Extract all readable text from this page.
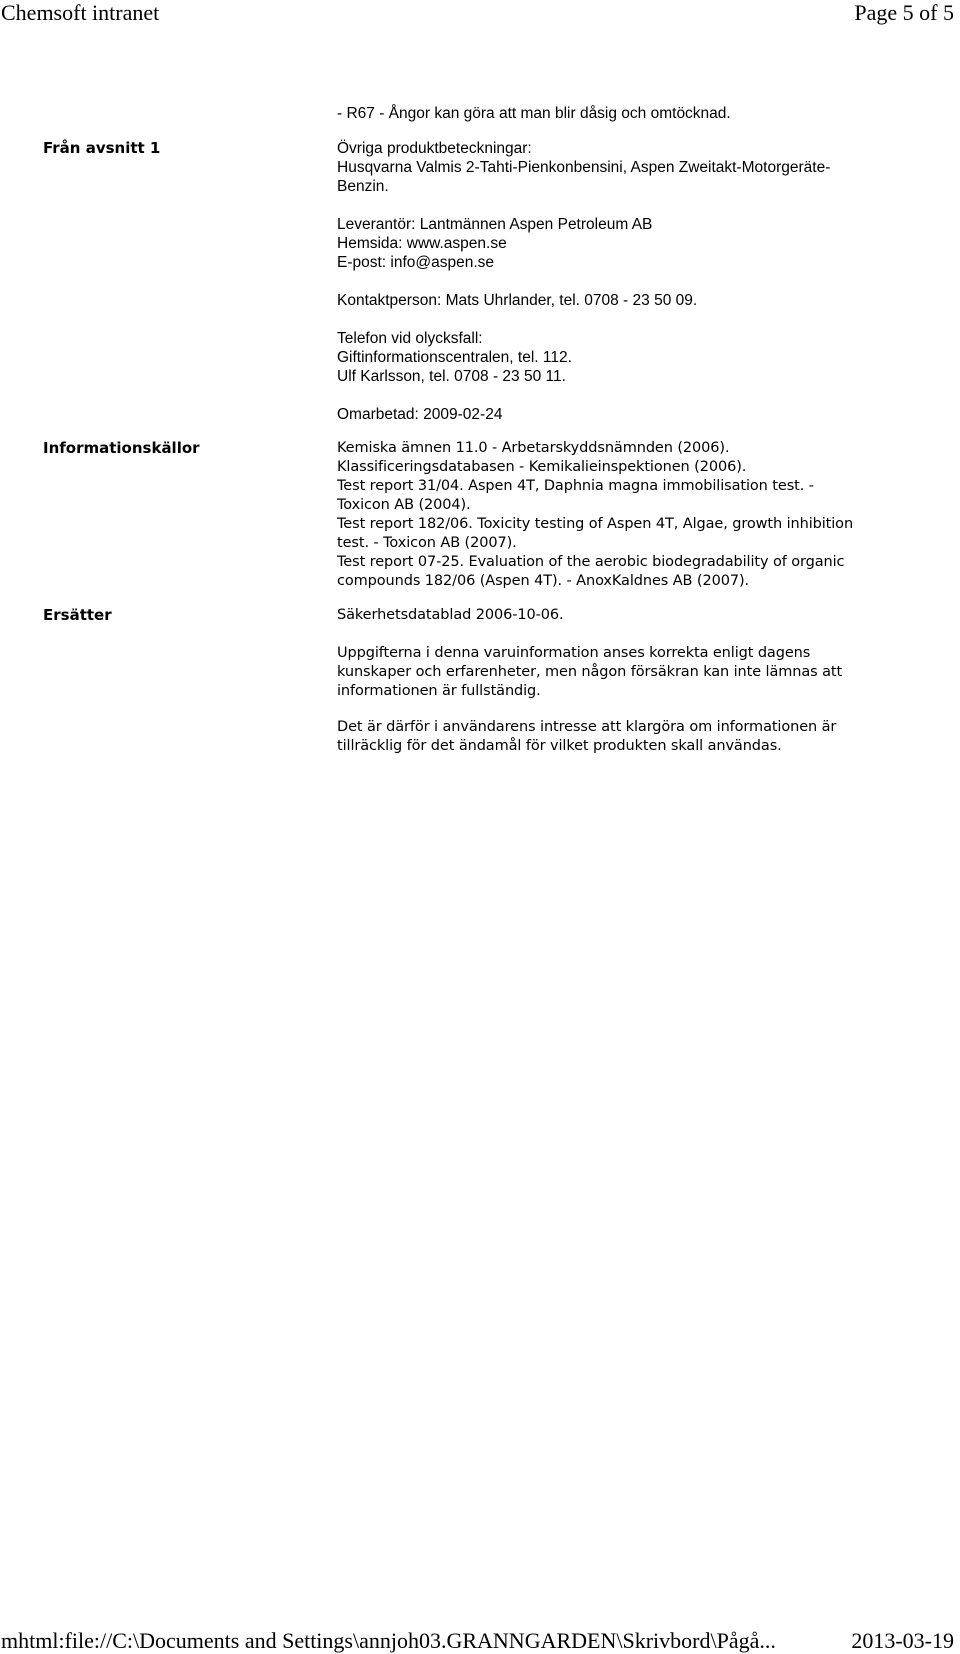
Chemsoft intranet	Page 5 of 5
- R67 - Ångor kan göra att man blir dåsig och omtöcknad.
Från avsnitt 1	Övriga produktbeteckningar:
Husqvarna Valmis 2-Tahti-Pienkonbensini, Aspen Zweitakt-Motorgeräte-
Benzin.
Leverantör: Lantmännen Aspen Petroleum AB
Hemsida: www.aspen.se
E-post: info@aspen.se
Kontaktperson: Mats Uhrlander, tel. 0708 - 23 50 09.
Telefon vid olycksfall:
Giftinformationscentralen, tel. 112.
Ulf Karlsson, tel. 0708 - 23 50 11.
Omarbetad: 2009-02-24
Informationskällor	Kemiska ämnen 11.0 - Arbetarskyddsnämnden (2006).
Klassificeringsdatabasen - Kemikalieinspektionen (2006).
Test report 31/04. Aspen 4T, Daphnia magna immobilisation test. -
Toxicon AB (2004).
Test report 182/06. Toxicity testing of Aspen 4T, Algae, growth inhibition
test. - Toxicon AB (2007).
Test report 07-25. Evaluation of the aerobic biodegradability of organic
compounds 182/06 (Aspen 4T). - AnoxKaldnes AB (2007).
Ersätter	Säkerhetsdatablad 2006-10-06.
Uppgifterna i denna varuinformation anses korrekta enligt dagens
kunskaper och erfarenheter, men någon försäkran kan inte lämnas att
informationen är fullständig.
Det är därför i användarens intresse att klargöra om informationen är
tillräcklig för det ändamål för vilket produkten skall användas.
mhtml:file://C:\Documents and Settings\annjoh03.GRANNGARDEN\Skrivbord\Pågå...	2013-03-19
